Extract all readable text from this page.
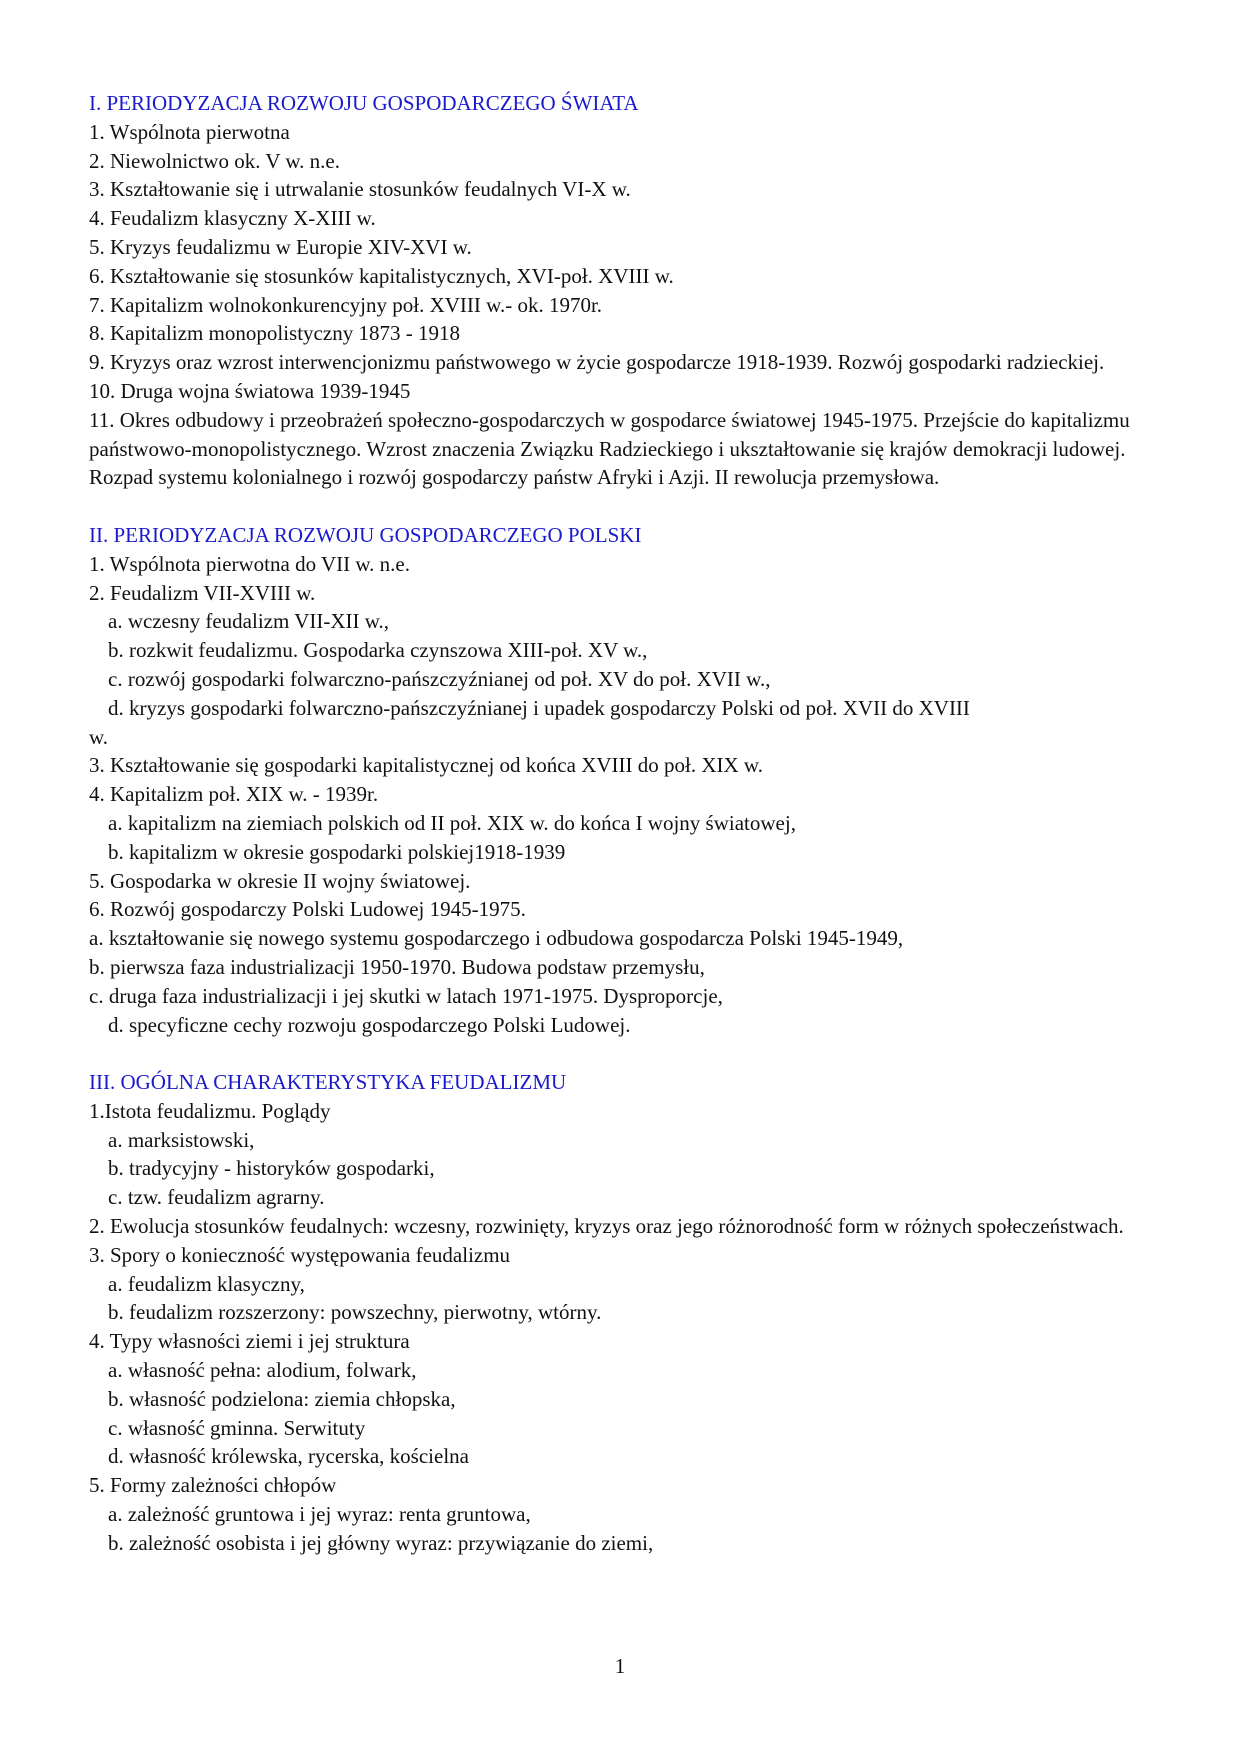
I. PERIODYZACJA ROZWOJU GOSPODARCZEGO ŚWIATA
1. Wspólnota pierwotna
2. Niewolnictwo ok. V w. n.e.
3. Kształtowanie się i utrwalanie stosunków feudalnych VI-X w.
4. Feudalizm klasyczny X-XIII w.
5. Kryzys feudalizmu w Europie XIV-XVI w.
6. Kształtowanie się stosunków kapitalistycznych, XVI-poł. XVIII w.
7. Kapitalizm wolnokonkurencyjny poł. XVIII w.- ok. 1970r.
8. Kapitalizm monopolistyczny 1873 - 1918
9. Kryzys oraz wzrost interwencjonizmu państwowego w życie gospodarcze 1918-1939. Rozwój gospodarki radzieckiej.
10. Druga wojna światowa 1939-1945
11. Okres odbudowy i przeobrażeń społeczno-gospodarczych w gospodarce światowej 1945-1975. Przejście do kapitalizmu państwowo-monopolistycznego. Wzrost znaczenia Związku Radzieckiego i ukształtowanie się krajów demokracji ludowej. Rozpad systemu kolonialnego i rozwój gospodarczy państw Afryki i Azji. II rewolucja przemysłowa.
II. PERIODYZACJA ROZWOJU GOSPODARCZEGO POLSKI
1. Wspólnota pierwotna do VII w. n.e.
2. Feudalizm VII-XVIII w.
a. wczesny feudalizm VII-XII w.,
b. rozkwit feudalizmu. Gospodarka czynszowa XIII-poł. XV w.,
c. rozwój gospodarki folwarczno-pańszczyźnianej od poł. XV do poł. XVII w.,
d. kryzys gospodarki folwarczno-pańszczyźnianej i upadek gospodarczy Polski od poł. XVII do XVIII
w.
3. Kształtowanie się gospodarki kapitalistycznej od końca XVIII do poł. XIX w.
4. Kapitalizm poł. XIX w. - 1939r.
a. kapitalizm na ziemiach polskich od II poł. XIX w. do końca I wojny światowej,
b. kapitalizm w okresie gospodarki polskiej1918-1939
5. Gospodarka w okresie II wojny światowej.
6. Rozwój gospodarczy Polski Ludowej 1945-1975.
a. kształtowanie się nowego systemu gospodarczego i odbudowa gospodarcza Polski 1945-1949,
b. pierwsza faza industrializacji 1950-1970. Budowa podstaw przemysłu,
c. druga faza industrializacji i jej skutki w latach 1971-1975. Dysproporcje,
d. specyficzne cechy rozwoju gospodarczego Polski Ludowej.
III. OGÓLNA CHARAKTERYSTYKA FEUDALIZMU
1.Istota feudalizmu. Poglądy
a. marksistowski,
b. tradycyjny - historyków gospodarki,
c. tzw. feudalizm agrarny.
2. Ewolucja stosunków feudalnych: wczesny, rozwinięty, kryzys oraz jego różnorodność form w różnych społeczeństwach.
3. Spory o konieczność występowania feudalizmu
a. feudalizm klasyczny,
b. feudalizm rozszerzony: powszechny, pierwotny, wtórny.
4. Typy własności ziemi i jej struktura
a. własność pełna: alodium, folwark,
b. własność podzielona: ziemia chłopska,
c. własność gminna. Serwituty
d. własność królewska, rycerska, kościelna
5. Formy zależności chłopów
a. zależność gruntowa i jej wyraz: renta gruntowa,
b. zależność osobista i jej główny wyraz: przywiązanie do ziemi,
1
